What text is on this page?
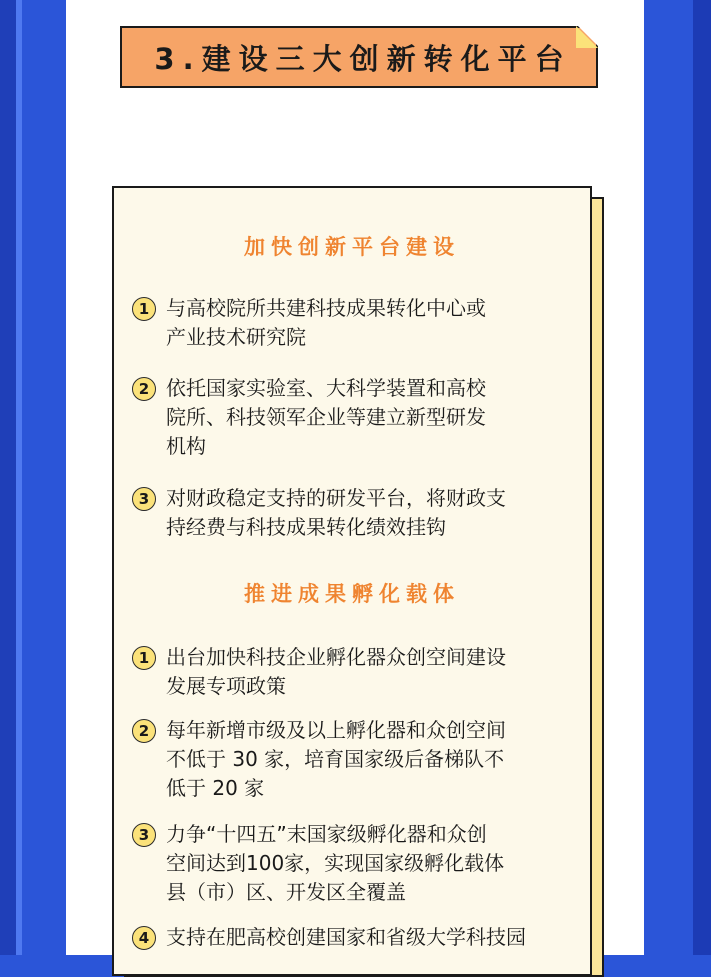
3.建设三大创新转化平台
加快创新平台建设
1 与高校院所共建科技成果转化中心或
产业技术研究院
2 依托国家实验室、大科学装置和高校
院所、科技领军企业等建立新型研发
机构
3 对财政稳定支持的研发平台，将财政支
持经费与科技成果转化绩效挂钩
推进成果孵化载体
1 出台加快科技企业孵化器众创空间建设
发展专项政策
2 每年新增市级及以上孵化器和众创空间
不低于 30 家，培育国家级后备梯队不
低于 20 家
3 力争“十四五”末国家级孵化器和众创
空间达到100家，实现国家级孵化载体
县（市）区、开发区全覆盖
4 支持在肥高校创建国家和省级大学科技园
